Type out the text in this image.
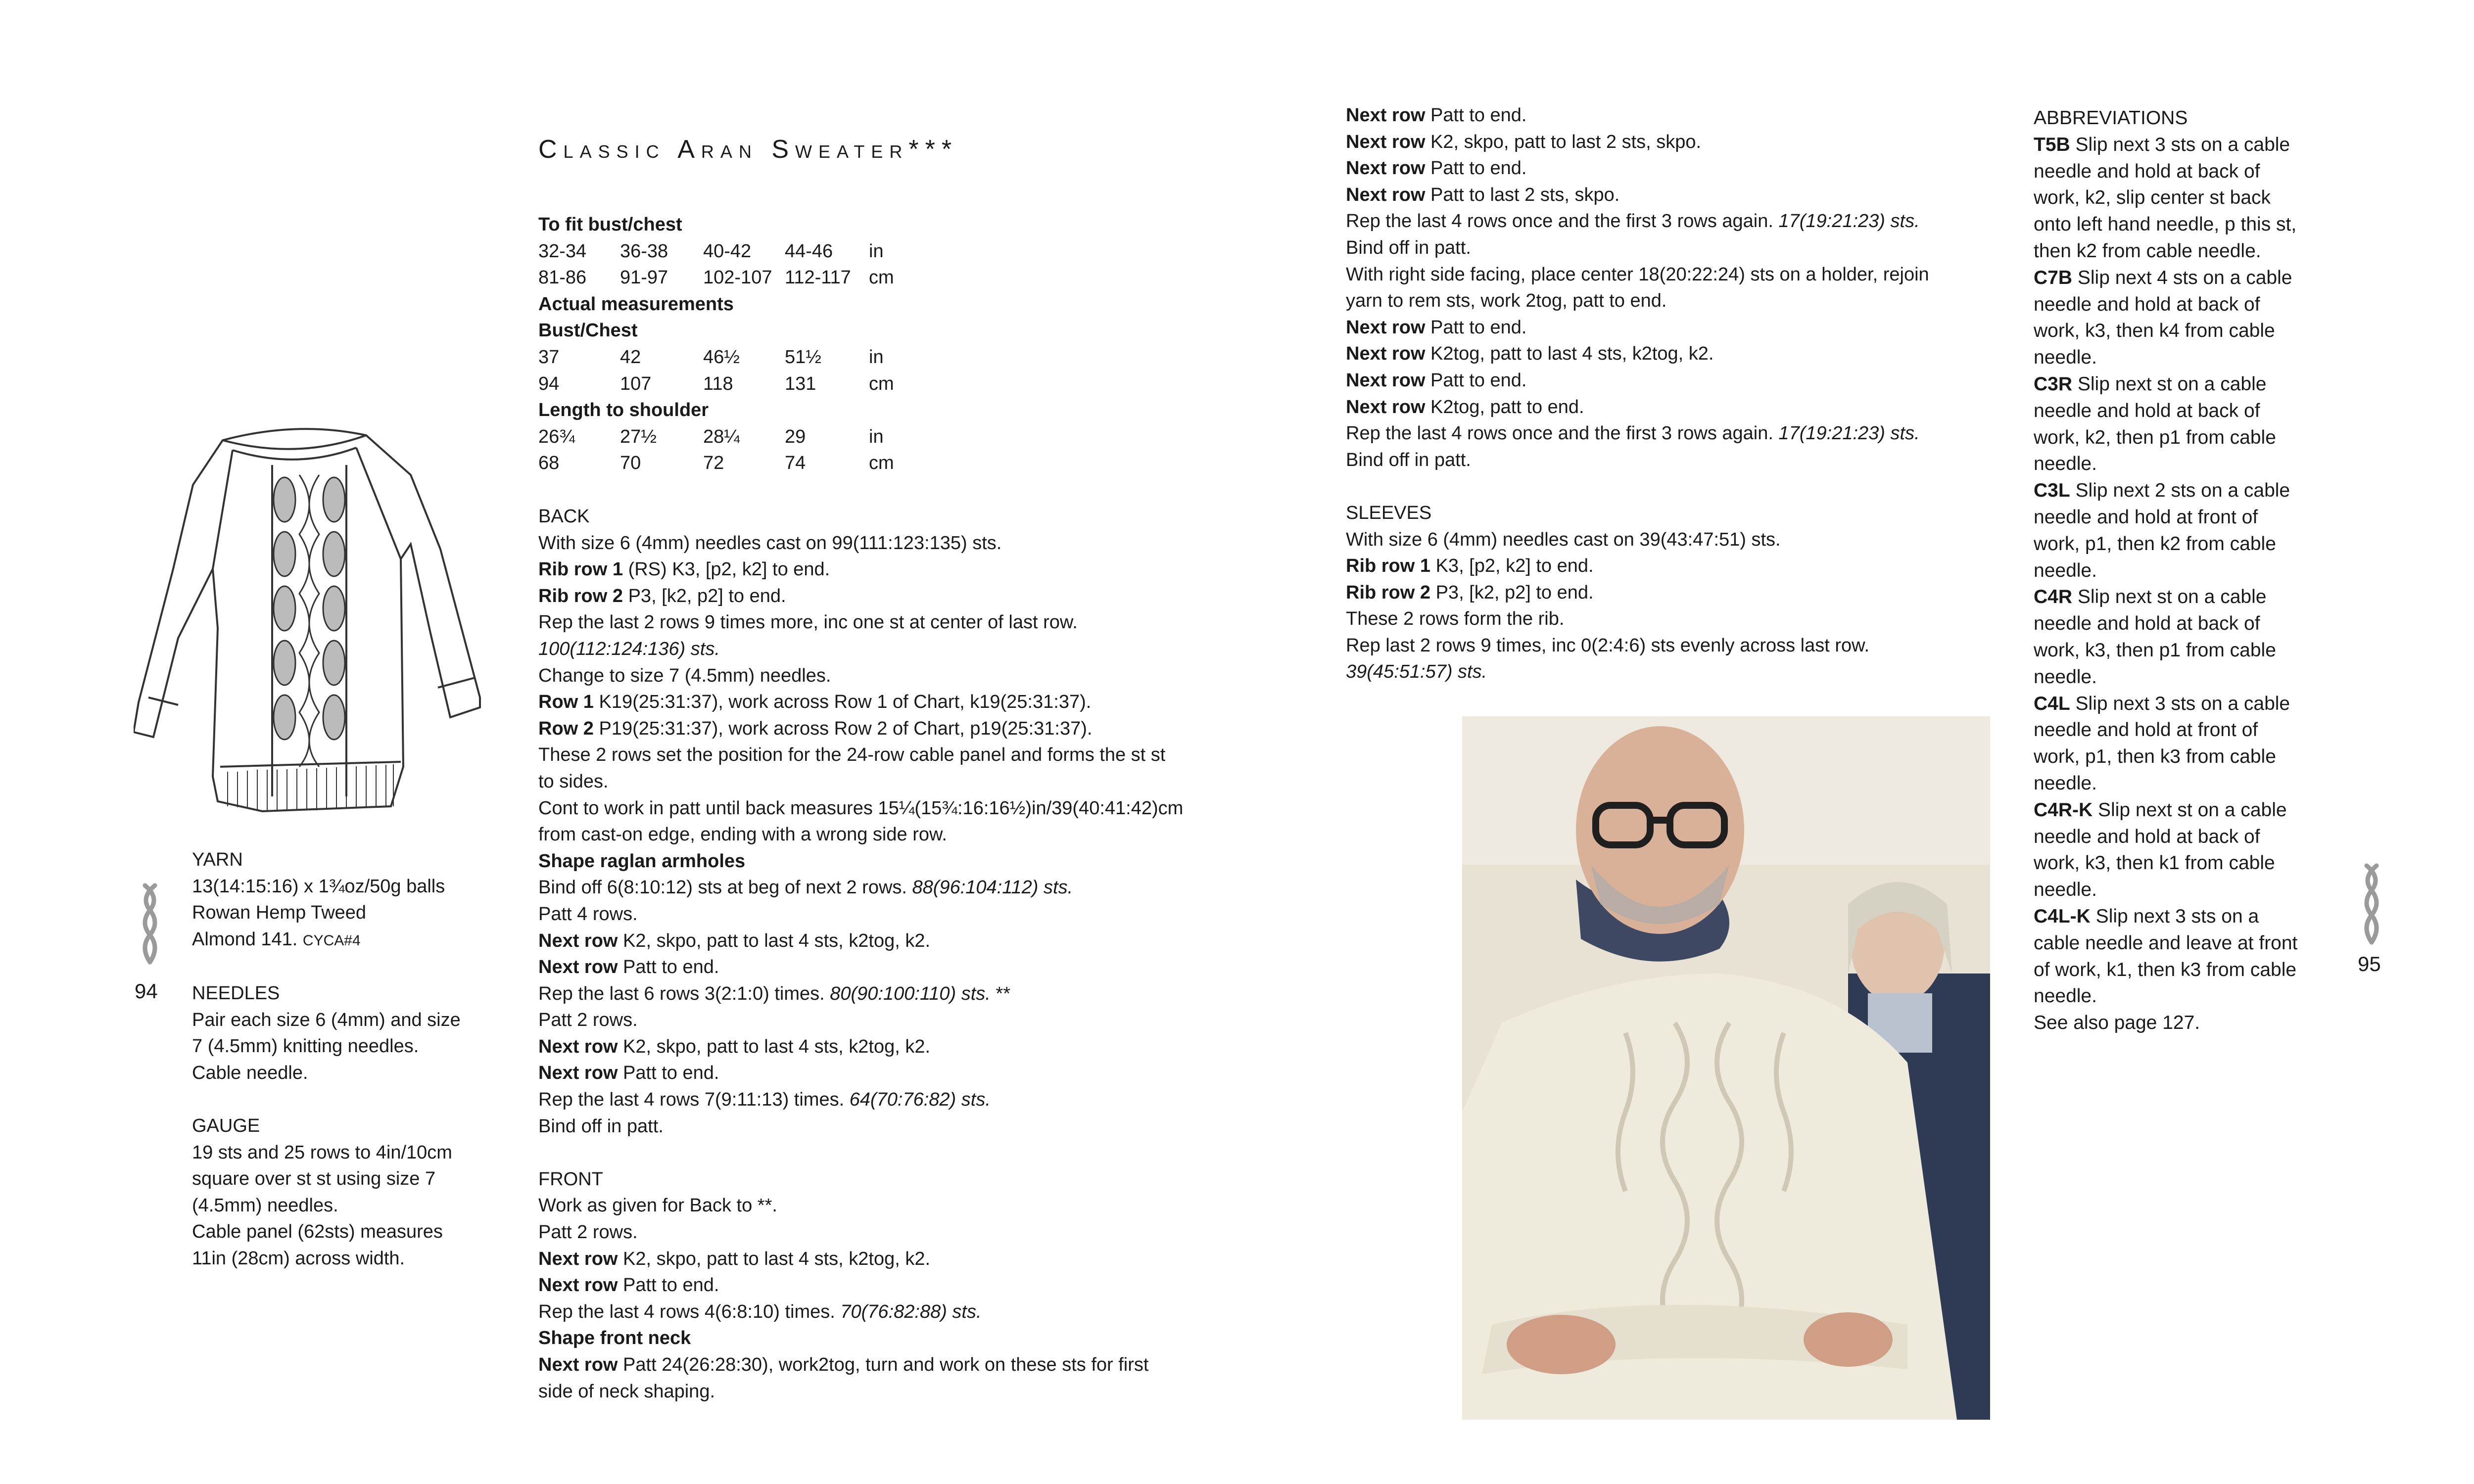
Classic Aran Sweater***
To fit bust/chest
32-34	36-38	40-42	44-46	in
81-86	91-97	102-107	112-117	cm
Actual measurements
Bust/Chest
37	42	46½	51½	in
94	107	118	131	cm
Length to shoulder
26¾	27½	28¼	29	in
68	70	72	74	cm
BACK
With size 6 (4mm) needles cast on 99(111:123:135) sts.
Rib row 1 (RS) K3, [p2, k2] to end.
Rib row 2 P3, [k2, p2] to end.
Rep the last 2 rows 9 times more, inc one st at center of last row.
100(112:124:136) sts.
Change to size 7 (4.5mm) needles.
Row 1 K19(25:31:37), work across Row 1 of Chart, k19(25:31:37).
Row 2 P19(25:31:37), work across Row 2 of Chart, p19(25:31:37).
These 2 rows set the position for the 24-row cable panel and forms the st st
to sides.
Cont to work in patt until back measures 15¼(15¾:16:16½)in/39(40:41:42)cm
from cast-on edge, ending with a wrong side row.
Shape raglan armholes
Bind off 6(8:10:12) sts at beg of next 2 rows. 88(96:104:112) sts.
Patt 4 rows.
Next row K2, skpo, patt to last 4 sts, k2tog, k2.
Next row Patt to end.
Rep the last 6 rows 3(2:1:0) times. 80(90:100:110) sts. **
Patt 2 rows.
Next row K2, skpo, patt to last 4 sts, k2tog, k2.
Next row Patt to end.
Rep the last 4 rows 7(9:11:13) times. 64(70:76:82) sts.
Bind off in patt.

FRONT
Work as given for Back to **.
Patt 2 rows.
Next row K2, skpo, patt to last 4 sts, k2tog, k2.
Next row Patt to end.
Rep the last 4 rows 4(6:8:10) times. 70(76:82:88) sts.
Shape front neck
Next row Patt 24(26:28:30), work2tog, turn and work on these sts for first
side of neck shaping.
YARN
13(14:15:16) x 1¾oz/50g balls
Rowan Hemp Tweed
Almond 141. CYCA#4

NEEDLES
Pair each size 6 (4mm) and size
7 (4.5mm) knitting needles.
Cable needle.

GAUGE
19 sts and 25 rows to 4in/10cm
square over st st using size 7
(4.5mm) needles.
Cable panel (62sts) measures
11in (28cm) across width.
94
Next row Patt to end.
Next row K2, skpo, patt to last 2 sts, skpo.
Next row Patt to end.
Next row Patt to last 2 sts, skpo.
Rep the last 4 rows once and the first 3 rows again. 17(19:21:23) sts.
Bind off in patt.
With right side facing, place center 18(20:22:24) sts on a holder, rejoin
yarn to rem sts, work 2tog, patt to end.
Next row Patt to end.
Next row K2tog, patt to last 4 sts, k2tog, k2.
Next row Patt to end.
Next row K2tog, patt to end.
Rep the last 4 rows once and the first 3 rows again. 17(19:21:23) sts.
Bind off in patt.

SLEEVES
With size 6 (4mm) needles cast on 39(43:47:51) sts.
Rib row 1 K3, [p2, k2] to end.
Rib row 2 P3, [k2, p2] to end.
These 2 rows form the rib.
Rep last 2 rows 9 times, inc 0(2:4:6) sts evenly across last row.
39(45:51:57) sts.
ABBREVIATIONS
T5B Slip next 3 sts on a cable
needle and hold at back of
work, k2, slip center st back
onto left hand needle, p this st,
then k2 from cable needle.
C7B Slip next 4 sts on a cable
needle and hold at back of
work, k3, then k4 from cable
needle.
C3R Slip next st on a cable
needle and hold at back of
work, k2, then p1 from cable
needle.
C3L Slip next 2 sts on a cable
needle and hold at front of
work, p1, then k2 from cable
needle.
C4R Slip next st on a cable
needle and hold at back of
work, k3, then p1 from cable
needle.
C4L Slip next 3 sts on a cable
needle and hold at front of
work, p1, then k3 from cable
needle.
C4R-K Slip next st on a cable
needle and hold at back of
work, k3, then k1 from cable
needle.
C4L-K Slip next 3 sts on a
cable needle and leave at front
of work, k1, then k3 from cable
needle.
See also page 127.
95
